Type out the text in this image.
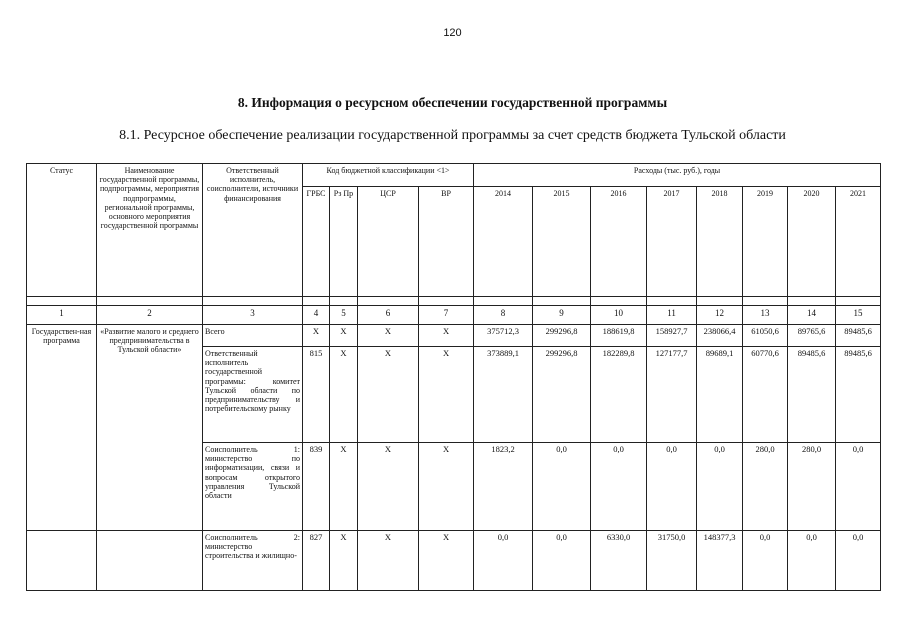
120
8. Информация о ресурсном обеспечении государственной программы
8.1. Ресурсное обеспечение реализации государственной программы за счет средств бюджета Тульской области
Статус	Наименование государственной программы, подпрограммы, мероприятия подпрограммы, региональной программы, основного мероприятия государственной программы	Ответственный исполнитель, соисполнители, источники финансирования	Код бюджетной классификации <1>				Расходы (тыс. руб.), годы							
			ГРБС	Рз Пр	ЦСР	ВР	2014	2015	2016	2017	2018	2019	2020	2021

1	2	3	4	5	6	7	8	9	10	11	12	13	14	15
Государствен-ная программа	«Развитие малого и среднего предпринимательства в Тульской области»	Всего	Х	Х	Х	Х	375712,3	299296,8	188619,8	158927,7	238066,4	61050,6	89765,6	89485,6
		Ответственный исполнитель государственной программы: комитет Тульской области по предпринимательству и потребительскому рынку	815	Х	Х	Х	373889,1	299296,8	182289,8	127177,7	89689,1	60770,6	89485,6	89485,6
		Соисполнитель 1: министерство по информатизации, связи и вопросам открытого управления Тульской области	839	Х	Х	Х	1823,2	0,0	0,0	0,0	0,0	280,0	280,0	0,0
		Соисполнитель 2: министерство строительства и жилищно-	827	Х	Х	Х	0,0	0,0	6330,0	31750,0	148377,3	0,0	0,0	0,0
